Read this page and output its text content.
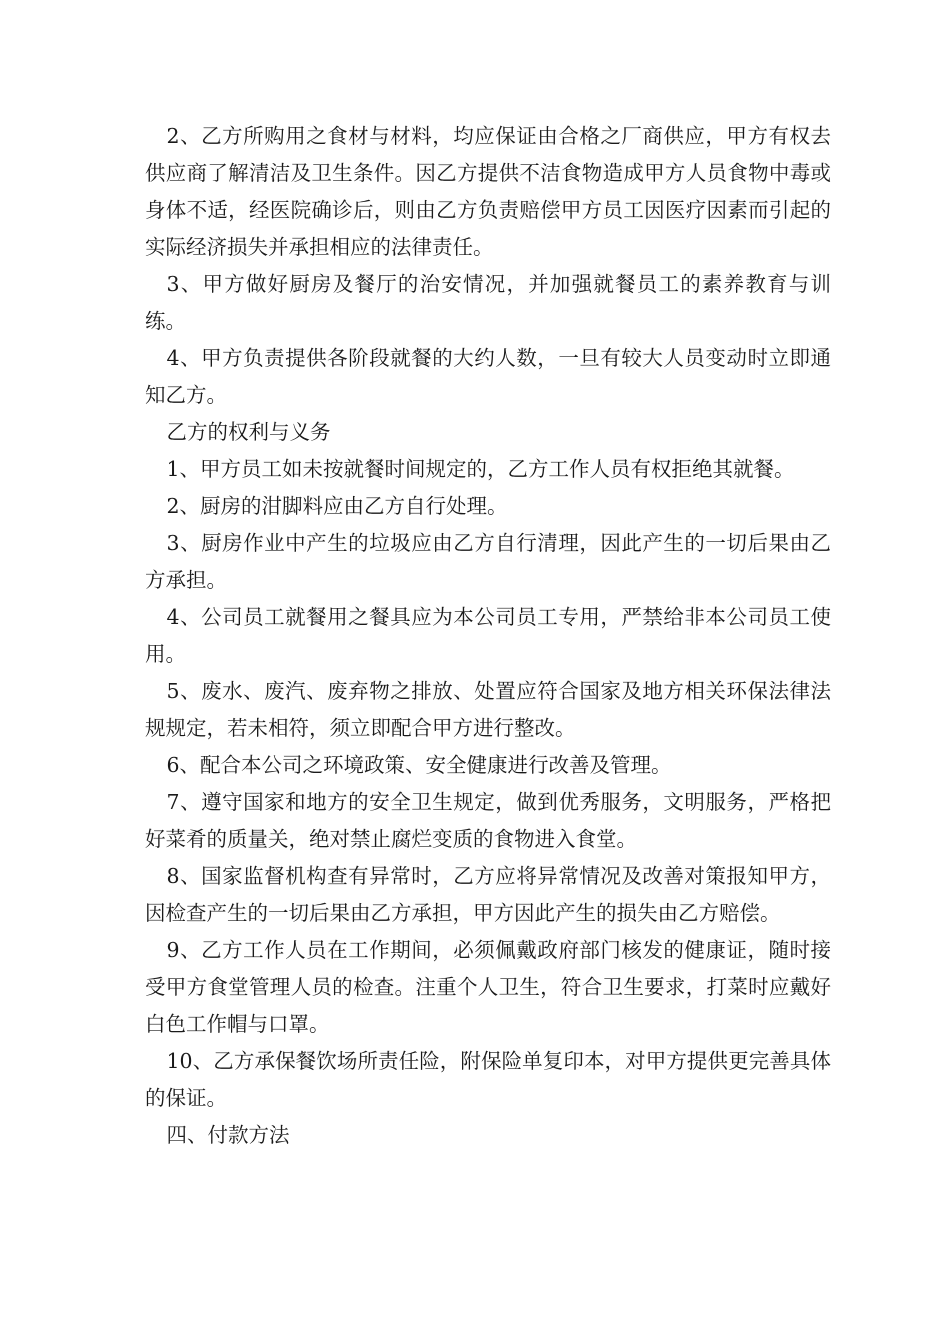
2、乙方所购用之食材与材料，均应保证由合格之厂商供应，甲方有权去供应商了解清洁及卫生条件。因乙方提供不洁食物造成甲方人员食物中毒或身体不适，经医院确诊后，则由乙方负责赔偿甲方员工因医疗因素而引起的实际经济损失并承担相应的法律责任。

3、甲方做好厨房及餐厅的治安情况，并加强就餐员工的素养教育与训练。

4、甲方负责提供各阶段就餐的大约人数，一旦有较大人员变动时立即通知乙方。

乙方的权利与义务

1、甲方员工如未按就餐时间规定的，乙方工作人员有权拒绝其就餐。

2、厨房的泔脚料应由乙方自行处理。

3、厨房作业中产生的垃圾应由乙方自行清理，因此产生的一切后果由乙方承担。

4、公司员工就餐用之餐具应为本公司员工专用，严禁给非本公司员工使用。

5、废水、废汽、废弃物之排放、处置应符合国家及地方相关环保法律法规规定，若未相符，须立即配合甲方进行整改。

6、配合本公司之环境政策、安全健康进行改善及管理。

7、遵守国家和地方的安全卫生规定，做到优秀服务，文明服务，严格把好菜肴的质量关，绝对禁止腐烂变质的食物进入食堂。

8、国家监督机构查有异常时，乙方应将异常情况及改善对策报知甲方，因检查产生的一切后果由乙方承担，甲方因此产生的损失由乙方赔偿。

9、乙方工作人员在工作期间，必须佩戴政府部门核发的健康证，随时接受甲方食堂管理人员的检查。注重个人卫生，符合卫生要求，打菜时应戴好白色工作帽与口罩。

10、乙方承保餐饮场所责任险，附保险单复印本，对甲方提供更完善具体的保证。

四、付款方法
